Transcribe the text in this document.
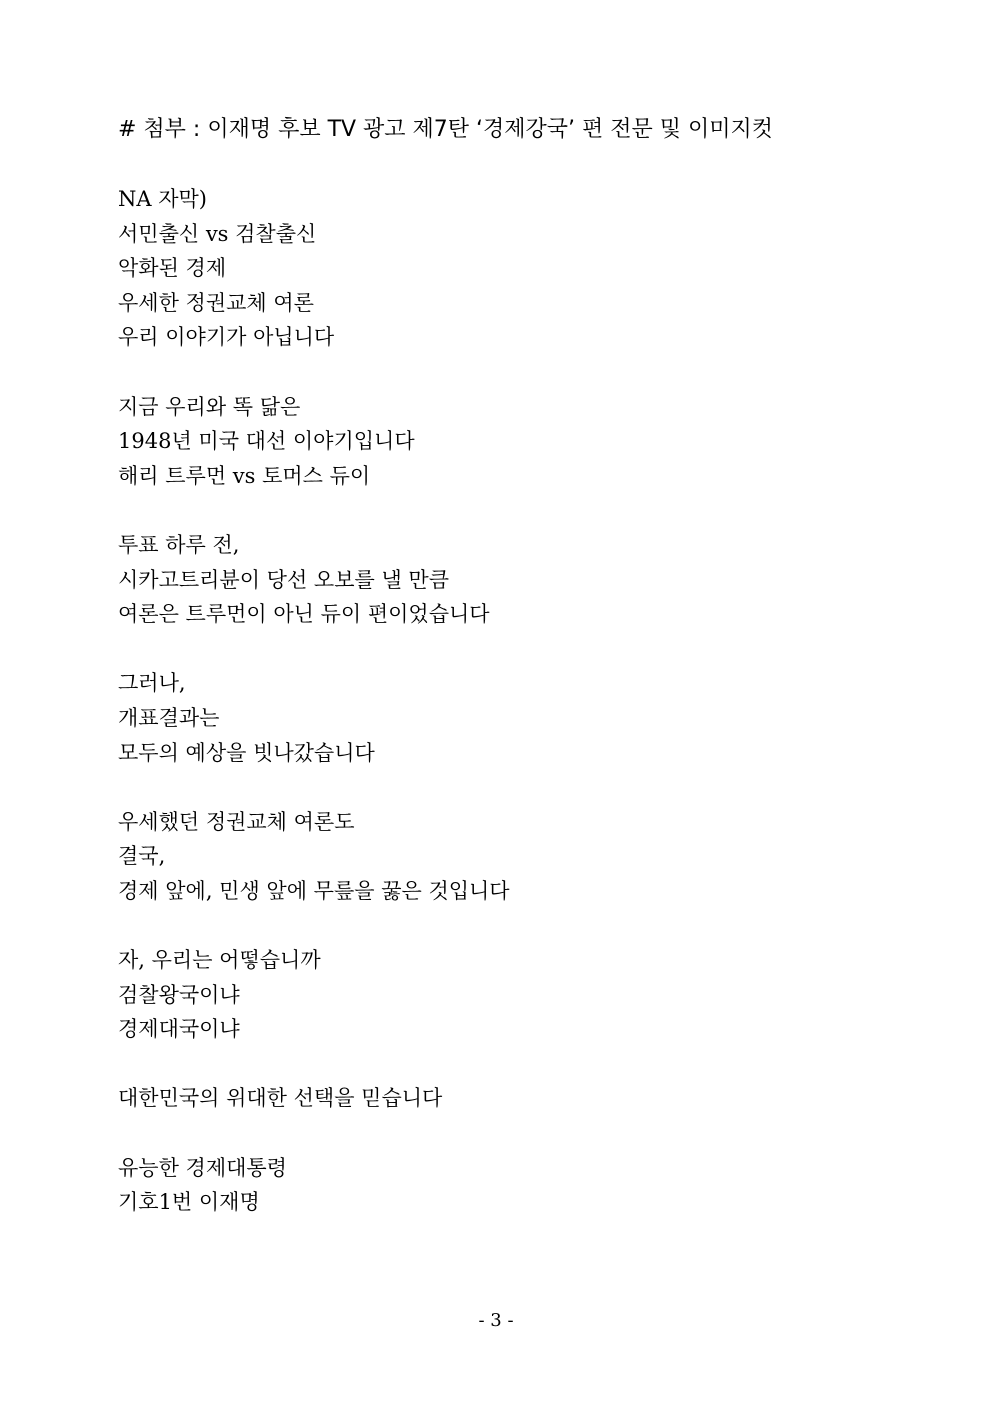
# 첨부 : 이재명 후보 TV 광고 제7탄 ‘경제강국’ 편 전문 및 이미지컷
NA 자막)
서민출신 vs 검찰출신
악화된 경제
우세한 정권교체 여론
우리 이야기가 아닙니다
지금 우리와 똑 닮은
1948년 미국 대선 이야기입니다
해리 트루먼 vs 토머스 듀이
투표 하루 전,
시카고트리뷴이 당선 오보를 낼 만큼
여론은 트루먼이 아닌 듀이 편이었습니다
그러나,
개표결과는
모두의 예상을 빗나갔습니다
우세했던 정권교체 여론도
결국,
경제 앞에, 민생 앞에 무릎을 꿇은 것입니다
자, 우리는 어떻습니까
검찰왕국이냐
경제대국이냐
대한민국의 위대한 선택을 믿습니다
유능한 경제대통령
기호1번 이재명
- 3 -
